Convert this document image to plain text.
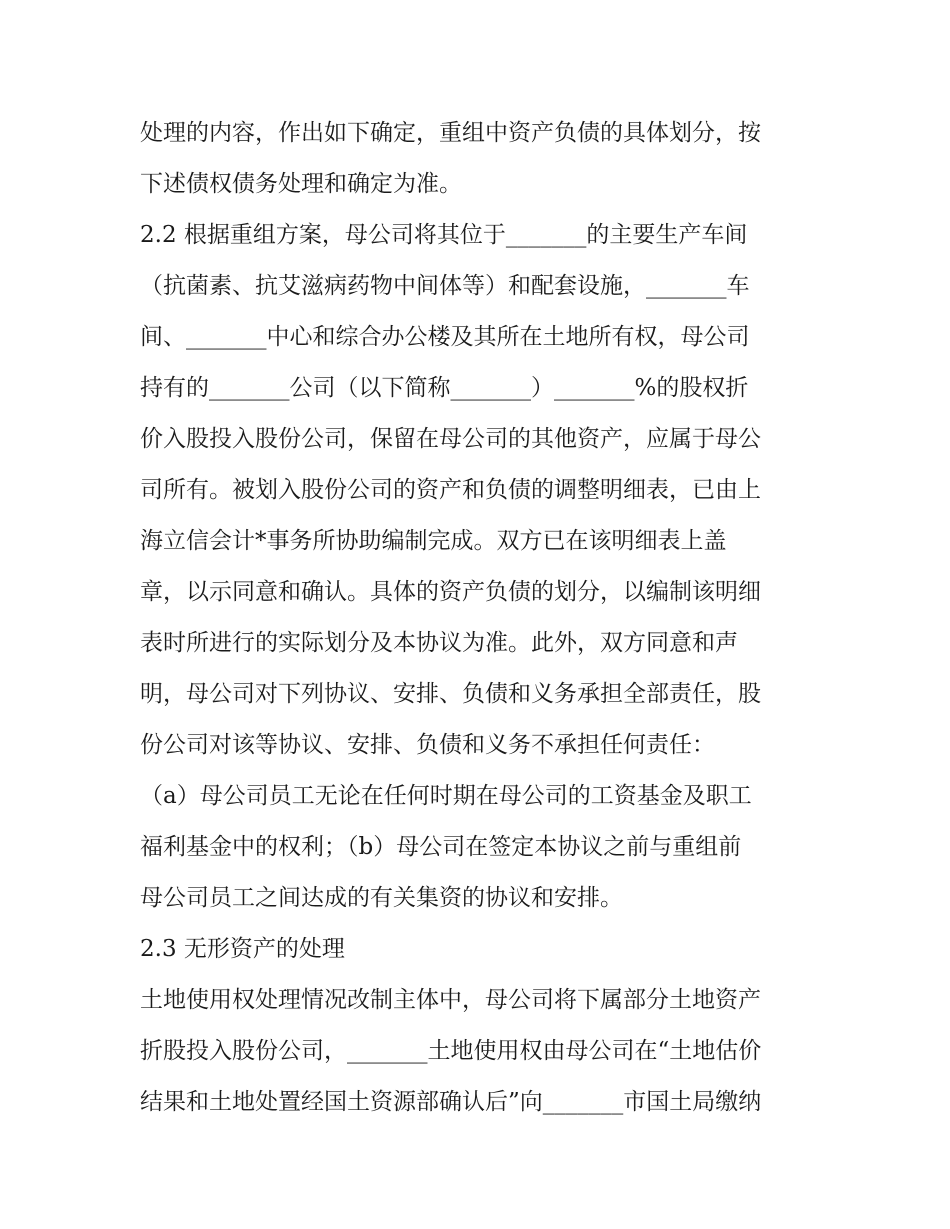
处理的内容，作出如下确定，重组中资产负债的具体划分，按
下述债权债务处理和确定为准。
2.2 根据重组方案，母公司将其位于_______的主要生产车间
（抗菌素、抗艾滋病药物中间体等）和配套设施，_______车
间、_______中心和综合办公楼及其所在土地所有权，母公司
持有的_______公司（以下简称_______）_______%的股权折
价入股投入股份公司，保留在母公司的其他资产，应属于母公
司所有。被划入股份公司的资产和负债的调整明细表，已由上
海立信会计*事务所协助编制完成。双方已在该明细表上盖
章，以示同意和确认。具体的资产负债的划分，以编制该明细
表时所进行的实际划分及本协议为准。此外，双方同意和声
明，母公司对下列协议、安排、负债和义务承担全部责任，股
份公司对该等协议、安排、负债和义务不承担任何责任：
（a）母公司员工无论在任何时期在母公司的工资基金及职工
福利基金中的权利；（b）母公司在签定本协议之前与重组前
母公司员工之间达成的有关集资的协议和安排。
2.3 无形资产的处理
土地使用权处理情况改制主体中，母公司将下属部分土地资产
折股投入股份公司，_______土地使用权由母公司在“土地估价
结果和土地处置经国土资源部确认后”向_______市国土局缴纳
